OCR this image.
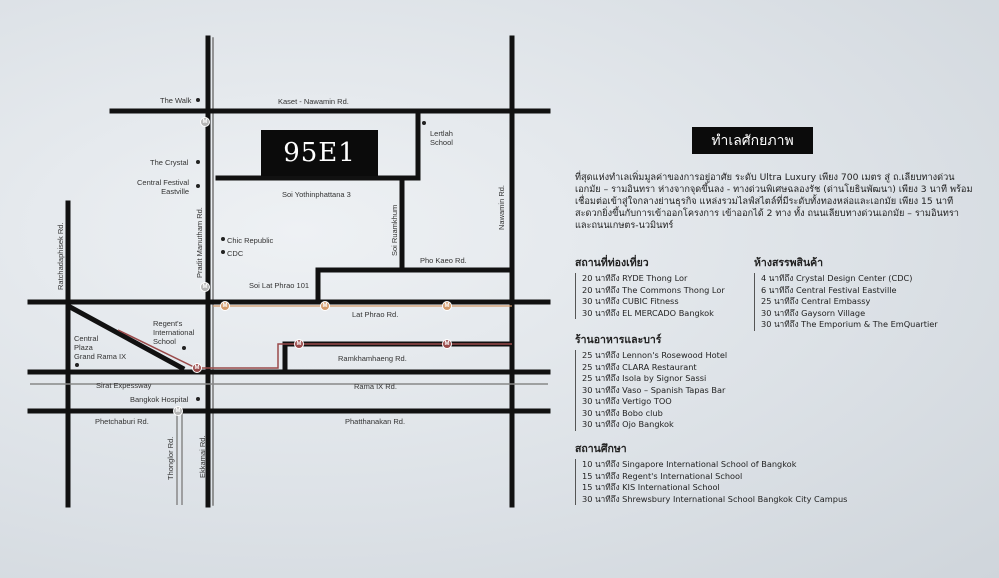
95E1
M
M
M
M	M	M
M
M	M
Kaset - Nawamin Rd.
Soi Yothinphattana 3
Pho Kaeo Rd.
Soi Lat Phrao 101
Lat Phrao Rd.
Ramkhamhaeng Rd.
Rama IX Rd.
Phatthanakan Rd.
Phetchaburi Rd.
Sirat Expessway
Ratchadaphisek Rd.	Pradit Manutham Rd.	Soi Ruamkhum	Nawamin Rd.
Thonglor Rd.	Ekkamai Rd.
The Walk
The Crystal
Central Festival
Eastville
Chic Republic
CDC
Lertlah
School
Regent's
International
School
Central
Plaza
Grand Rama IX
Bangkok Hospital
ทำเลศักยภาพ
ที่สุดแห่งทำเลเพิ่มมูลค่าของการอยู่อาศัย ระดับ Ultra Luxury เพียง 700 เมตร สู่ ถ.เลียบทางด่วนเอกมัย – รามอินทรา ห่างจากจุดขึ้นลง - ทางด่วนพิเศษฉลองรัช (ด่านโยธินพัฒนา) เพียง 3 นาที พร้อมเชื่อมต่อเข้าสู่ใจกลางย่านธุรกิจ แหล่งรวมไลฟ์สไตล์ที่มีระดับทั้งทองหล่อและเอกมัย เพียง 15 นาที สะดวกยิ่งขึ้นกับการเข้าออกโครงการ เข้าออกได้ 2 ทาง ทั้ง ถนนเลียบทางด่วนเอกมัย – รามอินทรา และถนนเกษตร-นวมินทร์
สถานที่ท่องเที่ยว
20 นาทีถึง RYDE Thong Lor
20 นาทีถึง The Commons Thong Lor
30 นาทีถึง CUBIC Fitness
30 นาทีถึง EL MERCADO Bangkok
ห้างสรรพสินค้า
4 นาทีถึง Crystal Design Center (CDC)
6 นาทีถึง Central Festival Eastville
25 นาทีถึง Central Embassy
30 นาทีถึง Gaysorn Village
30 นาทีถึง The Emporium & The EmQuartier
ร้านอาหารและบาร์
25 นาทีถึง Lennon's Rosewood Hotel
25 นาทีถึง CLARA Restaurant
25 นาทีถึง Isola by Signor Sassi
30 นาทีถึง Vaso – Spanish Tapas Bar
30 นาทีถึง Vertigo TOO
30 นาทีถึง Bobo club
30 นาทีถึง Ojo Bangkok
สถานศึกษา
10 นาทีถึง Singapore International School of Bangkok
15 นาทีถึง Regent's International School
15 นาทีถึง KIS International School
30 นาทีถึง Shrewsbury International School Bangkok City Campus
